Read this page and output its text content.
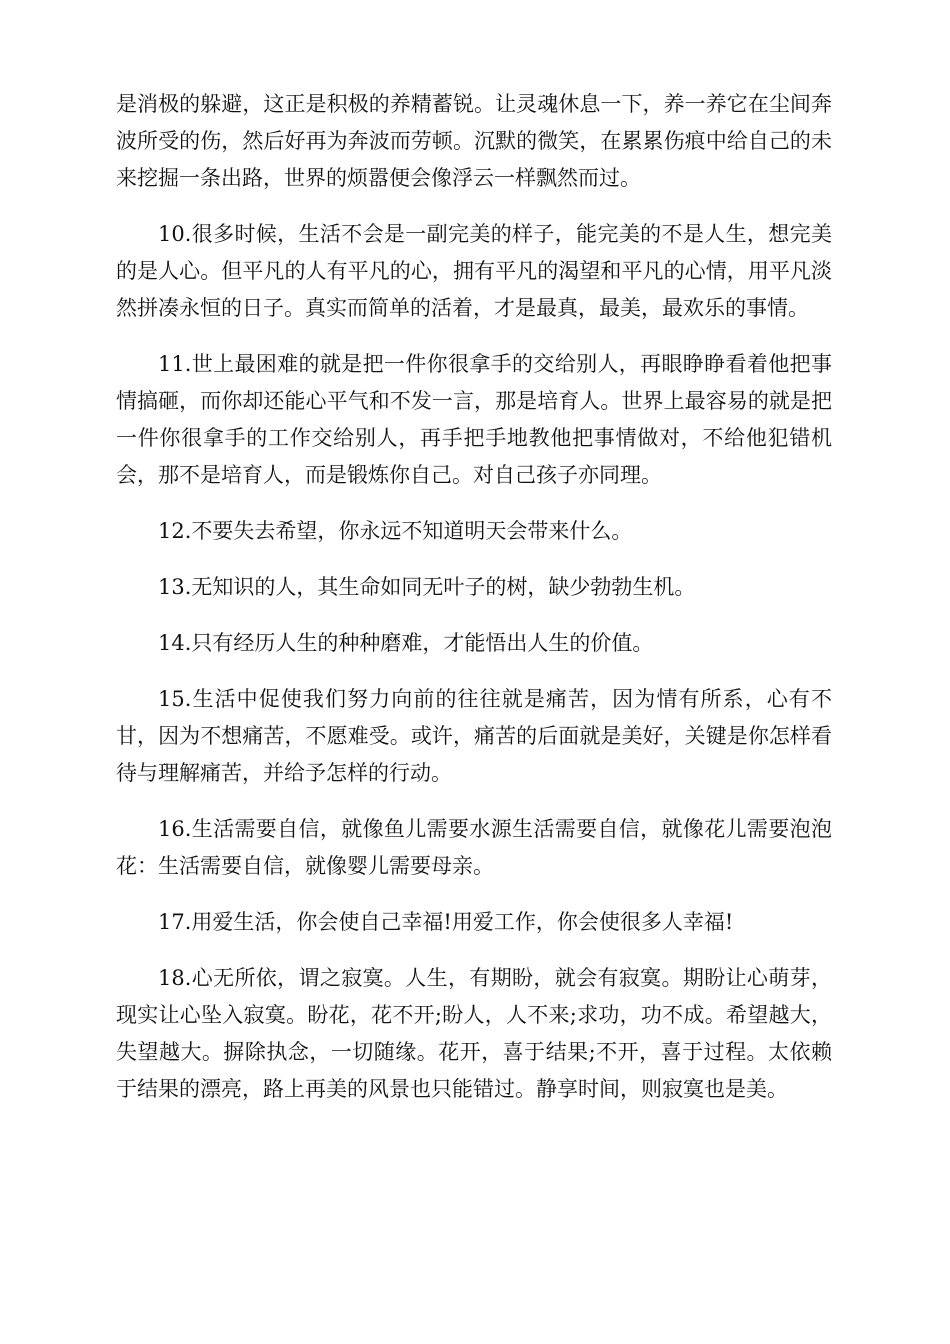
是消极的躲避，这正是积极的养精蓄锐。让灵魂休息一下，养一养它在尘间奔波所受的伤，然后好再为奔波而劳顿。沉默的微笑，在累累伤痕中给自己的未来挖掘一条出路，世界的烦嚣便会像浮云一样飘然而过。

10.很多时候，生活不会是一副完美的样子，能完美的不是人生，想完美的是人心。但平凡的人有平凡的心，拥有平凡的渴望和平凡的心情，用平凡淡然拼凑永恒的日子。真实而简单的活着，才是最真，最美，最欢乐的事情。

11.世上最困难的就是把一件你很拿手的交给别人，再眼睁睁看着他把事情搞砸，而你却还能心平气和不发一言，那是培育人。世界上最容易的就是把一件你很拿手的工作交给别人，再手把手地教他把事情做对，不给他犯错机会，那不是培育人，而是锻炼你自己。对自己孩子亦同理。

12.不要失去希望，你永远不知道明天会带来什么。

13.无知识的人，其生命如同无叶子的树，缺少勃勃生机。

14.只有经历人生的种种磨难，才能悟出人生的价值。

15.生活中促使我们努力向前的往往就是痛苦，因为情有所系，心有不甘，因为不想痛苦，不愿难受。或许，痛苦的后面就是美好，关键是你怎样看待与理解痛苦，并给予怎样的行动。

16.生活需要自信，就像鱼儿需要水源生活需要自信，就像花儿需要泡泡花：生活需要自信，就像婴儿需要母亲。

17.用爱生活，你会使自己幸福!用爱工作，你会使很多人幸福!

18.心无所依，谓之寂寞。人生，有期盼，就会有寂寞。期盼让心萌芽，现实让心坠入寂寞。盼花，花不开;盼人，人不来;求功，功不成。希望越大，失望越大。摒除执念，一切随缘。花开，喜于结果;不开，喜于过程。太依赖于结果的漂亮，路上再美的风景也只能错过。静享时间，则寂寞也是美。
